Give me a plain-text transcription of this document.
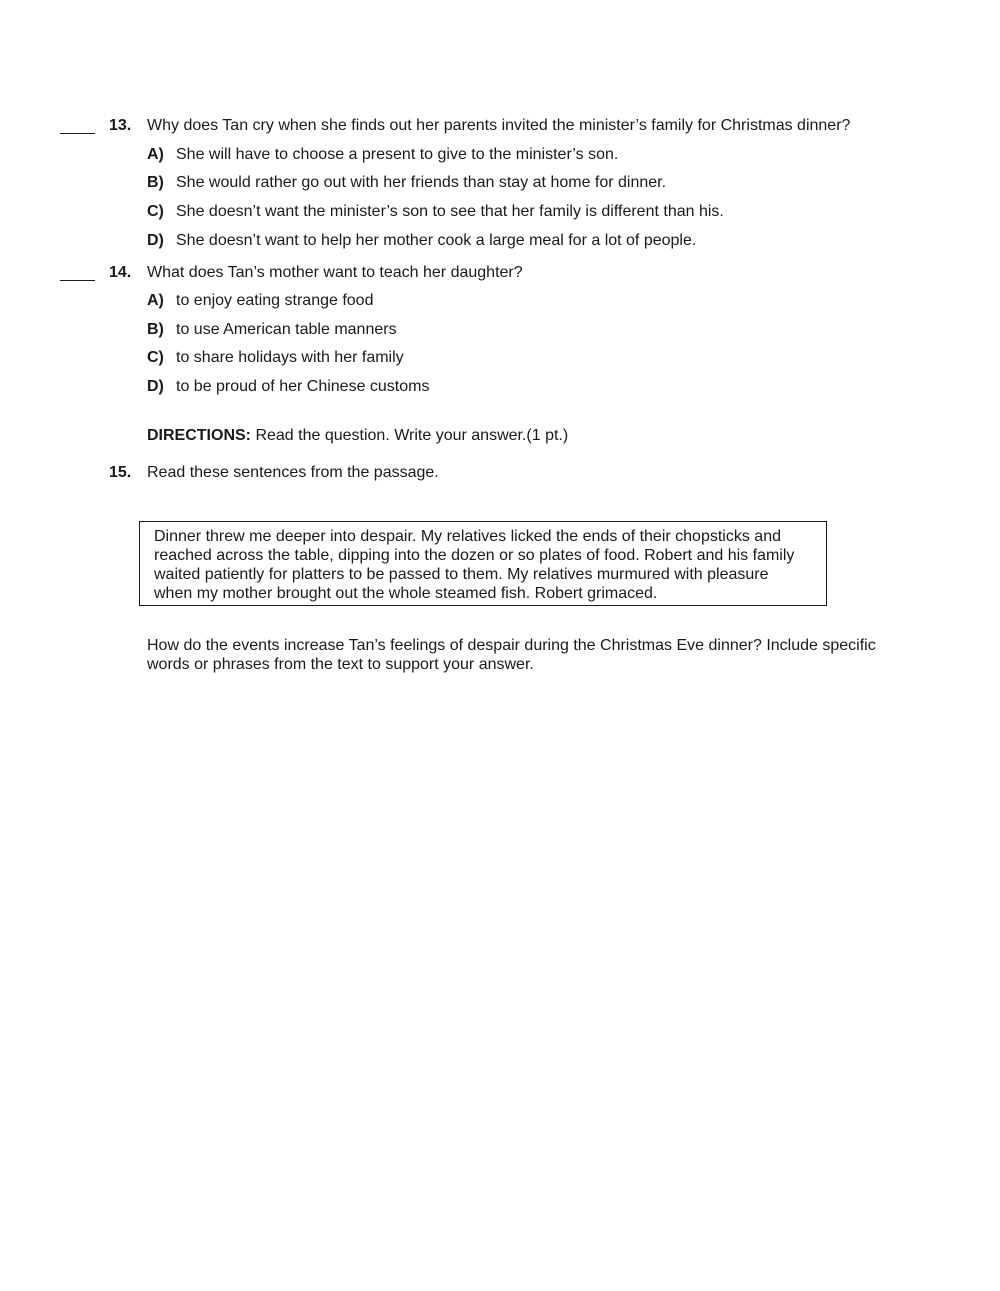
13. Why does Tan cry when she finds out her parents invited the minister’s family for Christmas dinner?
A) She will have to choose a present to give to the minister’s son.
B) She would rather go out with her friends than stay at home for dinner.
C) She doesn’t want the minister’s son to see that her family is different than his.
D) She doesn’t want to help her mother cook a large meal for a lot of people.
14. What does Tan’s mother want to teach her daughter?
A) to enjoy eating strange food
B) to use American table manners
C) to share holidays with her family
D) to be proud of her Chinese customs
DIRECTIONS: Read the question. Write your answer.(1 pt.)
15. Read these sentences from the passage.
Dinner threw me deeper into despair. My relatives licked the ends of their chopsticks and
reached across the table, dipping into the dozen or so plates of food. Robert and his family
waited patiently for platters to be passed to them. My relatives murmured with pleasure
when my mother brought out the whole steamed fish. Robert grimaced.
How do the events increase Tan’s feelings of despair during the Christmas Eve dinner? Include specific
words or phrases from the text to support your answer.
